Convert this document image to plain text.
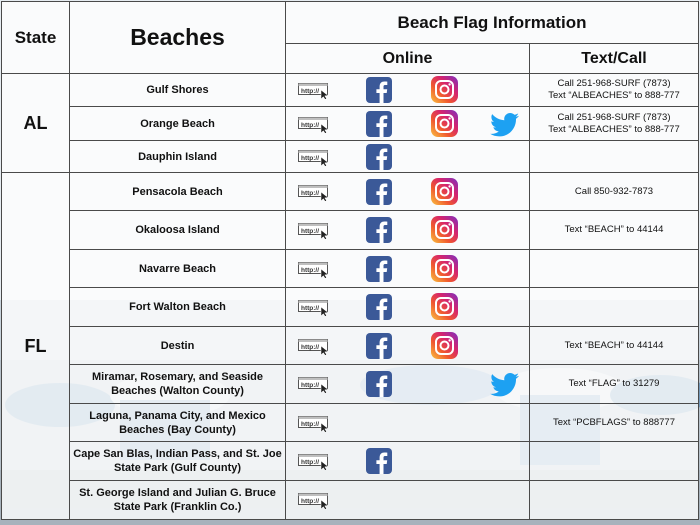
State	Beaches	Beach Flag Information	
		Online	Text/Call
AL	Gulf Shores	http://	Call 251-968-SURF (7873)
Text “ALBEACHES” to 888-777

	Orange Beach	http://	Call 251-968-SURF (7873)
Text “ALBEACHES” to 888-777

	Dauphin Island	http://	

FL	Pensacola Beach	http://	Call 850-932-7873

	Okaloosa Island	http://	Text “BEACH” to 44144

	Navarre Beach	http://	

	Fort Walton Beach	http://	

	Destin	http://	Text “BEACH” to 44144

	Miramar, Rosemary, and Seaside Beaches (Walton County)	http://	Text “FLAG” to 31279

	Laguna, Panama City, and Mexico Beaches (Bay County)	http://	Text “PCBFLAGS” to 888777

	Cape San Blas, Indian Pass, and St. Joe State Park (Gulf County)	http://	

	St. George Island and Julian G. Bruce State Park (Franklin Co.)	http://	
